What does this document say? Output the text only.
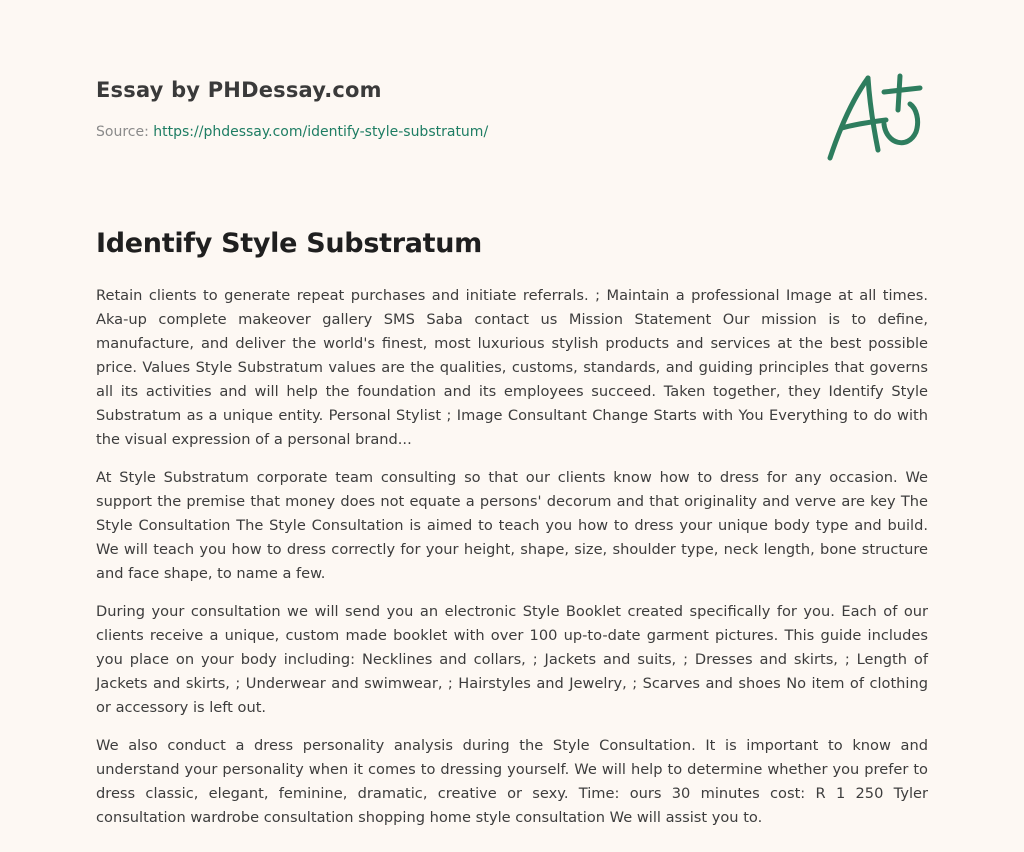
Essay by PHDessay.com
Source: https://phdessay.com/identify-style-substratum/
Identify Style Substratum

Retain clients to generate repeat purchases and initiate referrals. ; Maintain a professional Image at all times. Aka-up complete makeover gallery SMS Saba contact us Mission Statement Our mission is to define, manufacture, and deliver the world's finest, most luxurious stylish products and services at the best possible price. Values Style Substratum values are the qualities, customs, standards, and guiding principles that governs all its activities and will help the foundation and its employees succeed. Taken together, they Identify Style Substratum as a unique entity. Personal Stylist ; Image Consultant Change Starts with You Everything to do with the visual expression of a personal brand...

At Style Substratum corporate team consulting so that our clients know how to dress for any occasion. We support the premise that money does not equate a persons' decorum and that originality and verve are key The Style Consultation The Style Consultation is aimed to teach you how to dress your unique body type and build. We will teach you how to dress correctly for your height, shape, size, shoulder type, neck length, bone structure and face shape, to name a few.

During your consultation we will send you an electronic Style Booklet created specifically for you. Each of our clients receive a unique, custom made booklet with over 100 up-to-date garment pictures. This guide includes you place on your body including: Necklines and collars, ; Jackets and suits, ; Dresses and skirts, ; Length of Jackets and skirts, ; Underwear and swimwear, ; Hairstyles and Jewelry, ; Scarves and shoes No item of clothing or accessory is left out.

We also conduct a dress personality analysis during the Style Consultation. It is important to know and understand your personality when it comes to dressing yourself. We will help to determine whether you prefer to dress classic, elegant, feminine, dramatic, creative or sexy. Time: ours 30 minutes cost: R 1 250 Tyler consultation wardrobe consultation shopping home style consultation We will assist you to.
